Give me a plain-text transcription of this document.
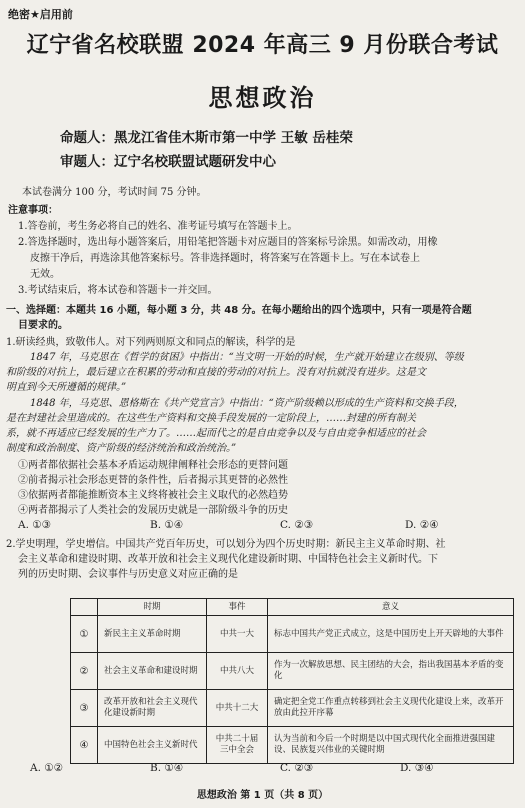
绝密★启用前
辽宁省名校联盟 2024 年高三 9 月份联合考试
思想政治
命题人：黑龙江省佳木斯市第一中学 王敏 岳桂荣
审题人：辽宁名校联盟试题研发中心
本试卷满分 100 分，考试时间 75 分钟。
注意事项：
1.答卷前，考生务必将自己的姓名、准考证号填写在答题卡上。
2.答选择题时，选出每小题答案后，用铅笔把答题卡对应题目的答案标号涂黑。如需改动，用橡
皮擦干净后，再选涂其他答案标号。答非选择题时，将答案写在答题卡上。写在本试卷上
无效。
3.考试结束后，将本试卷和答题卡一并交回。
一、选择题：本题共 16 小题，每小题 3 分，共 48 分。在每小题给出的四个选项中，只有一项是符合题
目要求的。
1.研读经典，致敬伟人。对下列两则原文和同点的解读，科学的是
1847 年，马克思在《哲学的贫困》中指出：“当文明一开始的时候，生产就开始建立在级别、等级
和阶级的对抗上，最后建立在积累的劳动和直接的劳动的对抗上。没有对抗就没有进步。这是文
明直到今天所遵循的规律。”
1848 年，马克思、恩格斯在《共产党宣言》中指出：“资产阶级赖以形成的生产资料和交换手段，
是在封建社会里造成的。在这些生产资料和交换手段发展的一定阶段上，……封建的所有制关
系，就不再适应已经发展的生产力了。……起而代之的是自由竞争以及与自由竞争相适应的社会
制度和政治制度、资产阶级的经济统治和政治统治。”
①两者都依据社会基本矛盾运动规律阐释社会形态的更替问题
②前者揭示社会形态更替的条件性，后者揭示其更替的必然性
③依据两者都能推断资本主义终将被社会主义取代的必然趋势
④两者都揭示了人类社会的发展历史就是一部阶级斗争的历史
A. ①③	B. ①④	C. ②③	D. ②④
2.学史明理，学史增信。中国共产党百年历史，可以划分为四个历史时期：新民主主义革命时期、社
会主义革命和建设时期、改革开放和社会主义现代化建设新时期、中国特色社会主义新时代。下
列的历史时期、会议事件与历史意义对应正确的是
	时期	事件	意义
①	新民主主义革命时期	中共一大	标志中国共产党正式成立，这是中国历史上开天辟地的大事件
②	社会主义革命和建设时期	中共八大	作为一次解放思想、民主团结的大会，指出我国基本矛盾的变化
③	改革开放和社会主义现代化建设新时期	中共十二大	确定把全党工作重点转移到社会主义现代化建设上来，改革开放由此拉开序幕
④	中国特色社会主义新时代	中共二十届三中全会	认为当前和今后一个时期是以中国式现代化全面推进强国建设、民族复兴伟业的关键时期
A. ①②	B. ①④	C. ②③	D. ③④
思想政治 第 1 页（共 8 页）
